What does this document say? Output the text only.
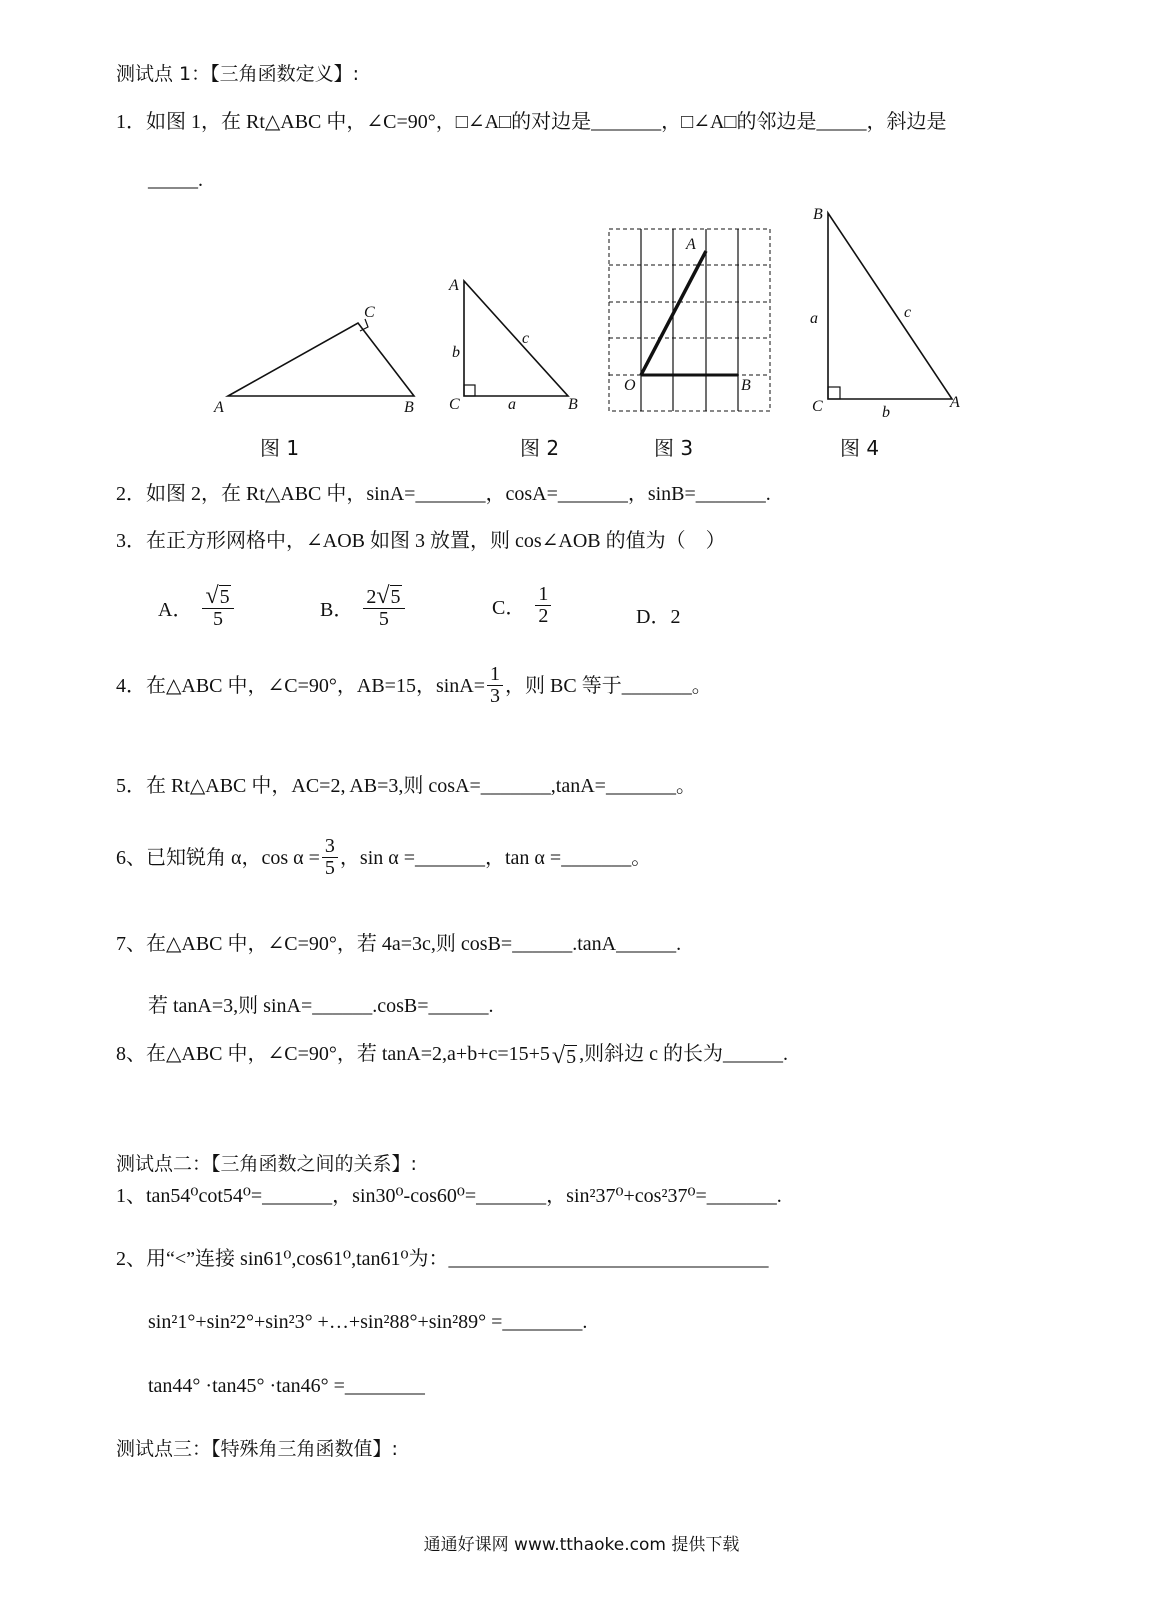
测试点 1：【三角函数定义】:
1．如图 1，在 Rt△ABC 中，∠C=90°，□∠A□的对边是_______，□∠A□的邻边是_____，斜边是
_____.
A	B
C
A
b
c
C	a	B
A
O	B
B
a	c
C	b
A
图 1	图 2	图 3	图 4
2．如图 2，在 Rt△ABC 中，sinA=_______，cosA=_______，sinB=_______.
3．在正方形网格中，∠AOB 如图 3 放置，则 cos∠AOB 的值为（　）
A． $\frac{√ 5}{5}$	B． $\frac{2 √ 5}{5}$	C． $\frac{1}{2}$	D．2
4．在△ABC 中，∠C=90°，AB=15，$\sin A= \frac{1}{3}$ ，则 BC 等于_______。
5．在 Rt△ABC 中，AC=2, AB=3,则 cosA=_______,tanA=_______。
6、已知锐角 α，$\cos \alpha = \frac{3}{5}$ ，sin α =_______，tan α =_______。
7、在△ABC 中，∠C=90°，若 4a=3c,则 cosB=______.tanA______.
若 tanA=3,则 sinA=______.cosB=______.
8、在△ABC 中，∠C=90°，若 tanA=2,a+b+c=15+5 √ 5 ,则斜边 c 的长为______.
测试点二：【三角函数之间的关系】:
1、tan54⁰cot54⁰=_______，sin30⁰-cos60⁰=_______，sin²37⁰+cos²37⁰=_______.
2、用“<”连接 sin61⁰,cos61⁰,tan61⁰为：________________________________
sin²1°+sin²2°+sin²3° +…+sin²88°+sin²89° =________.
tan44° ·tan45° ·tan46° =________
测试点三：【特殊角三角函数值】:
通通好课网 www.tthaoke.com 提供下载
